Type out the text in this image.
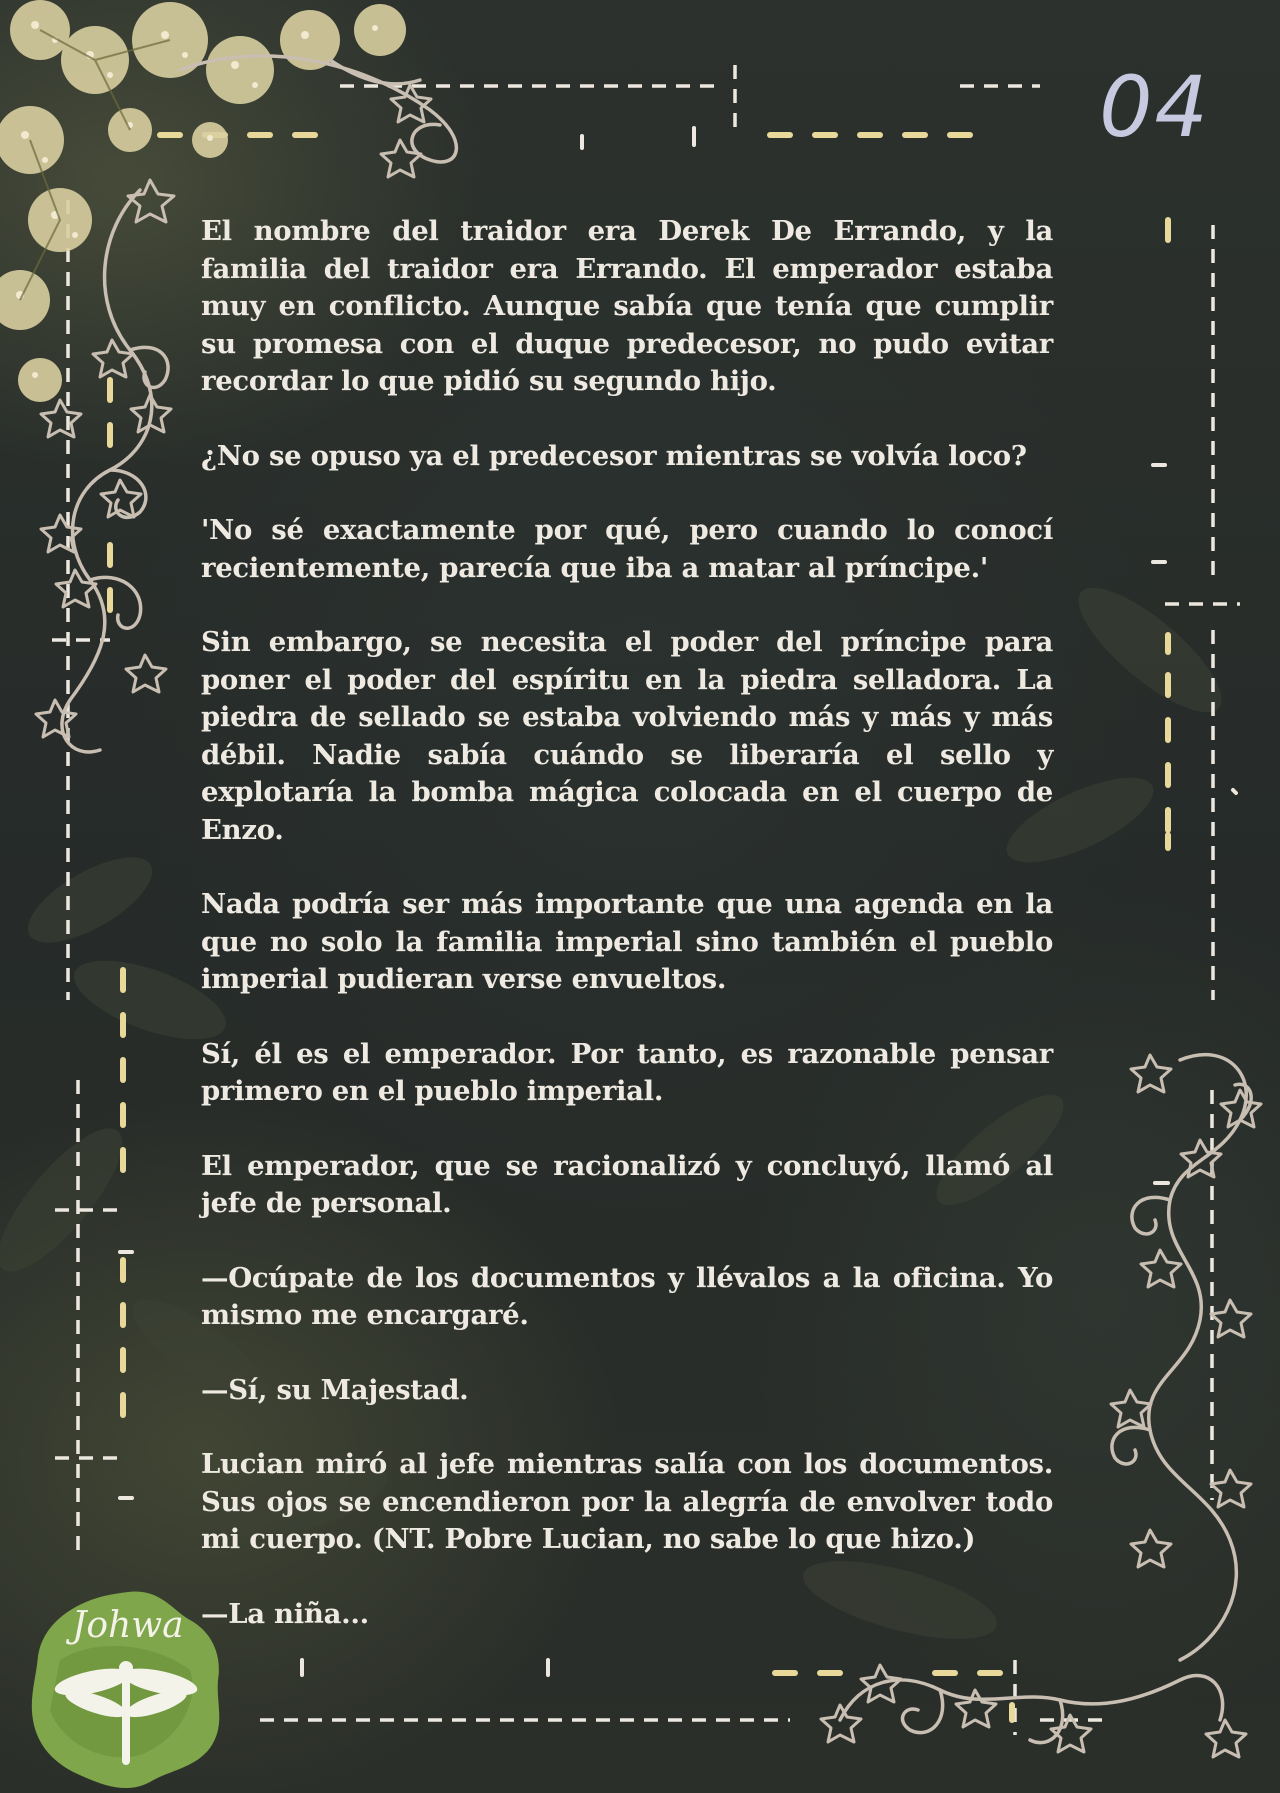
04
Johwa

El nombre del traidor era Derek De Errando, y la familia del traidor era Errando. El emperador estaba muy en conflicto. Aunque sabía que tenía que cumplir su promesa con el duque predecesor, no pudo evitar recordar lo que pidió su segundo hijo.

¿No se opuso ya el predecesor mientras se volvía loco?

'No sé exactamente por qué, pero cuando lo conocí recientemente, parecía que iba a matar al príncipe.'

Sin embargo, se necesita el poder del príncipe para poner el poder del espíritu en la piedra selladora. La piedra de sellado se estaba volviendo más y más y más débil. Nadie sabía cuándo se liberaría el sello y explotaría la bomba mágica colocada en el cuerpo de Enzo.

Nada podría ser más importante que una agenda en la que no solo la familia imperial sino también el pueblo imperial pudieran verse envueltos.

Sí, él es el emperador. Por tanto, es razonable pensar primero en el pueblo imperial.

El emperador, que se racionalizó y concluyó, llamó al jefe de personal.

—Ocúpate de los documentos y llévalos a la oficina. Yo mismo me encargaré.

—Sí, su Majestad.

Lucian miró al jefe mientras salía con los documentos. Sus ojos se encendieron por la alegría de envolver todo mi cuerpo. (NT. Pobre Lucian, no sabe lo que hizo.)

—La niña...
